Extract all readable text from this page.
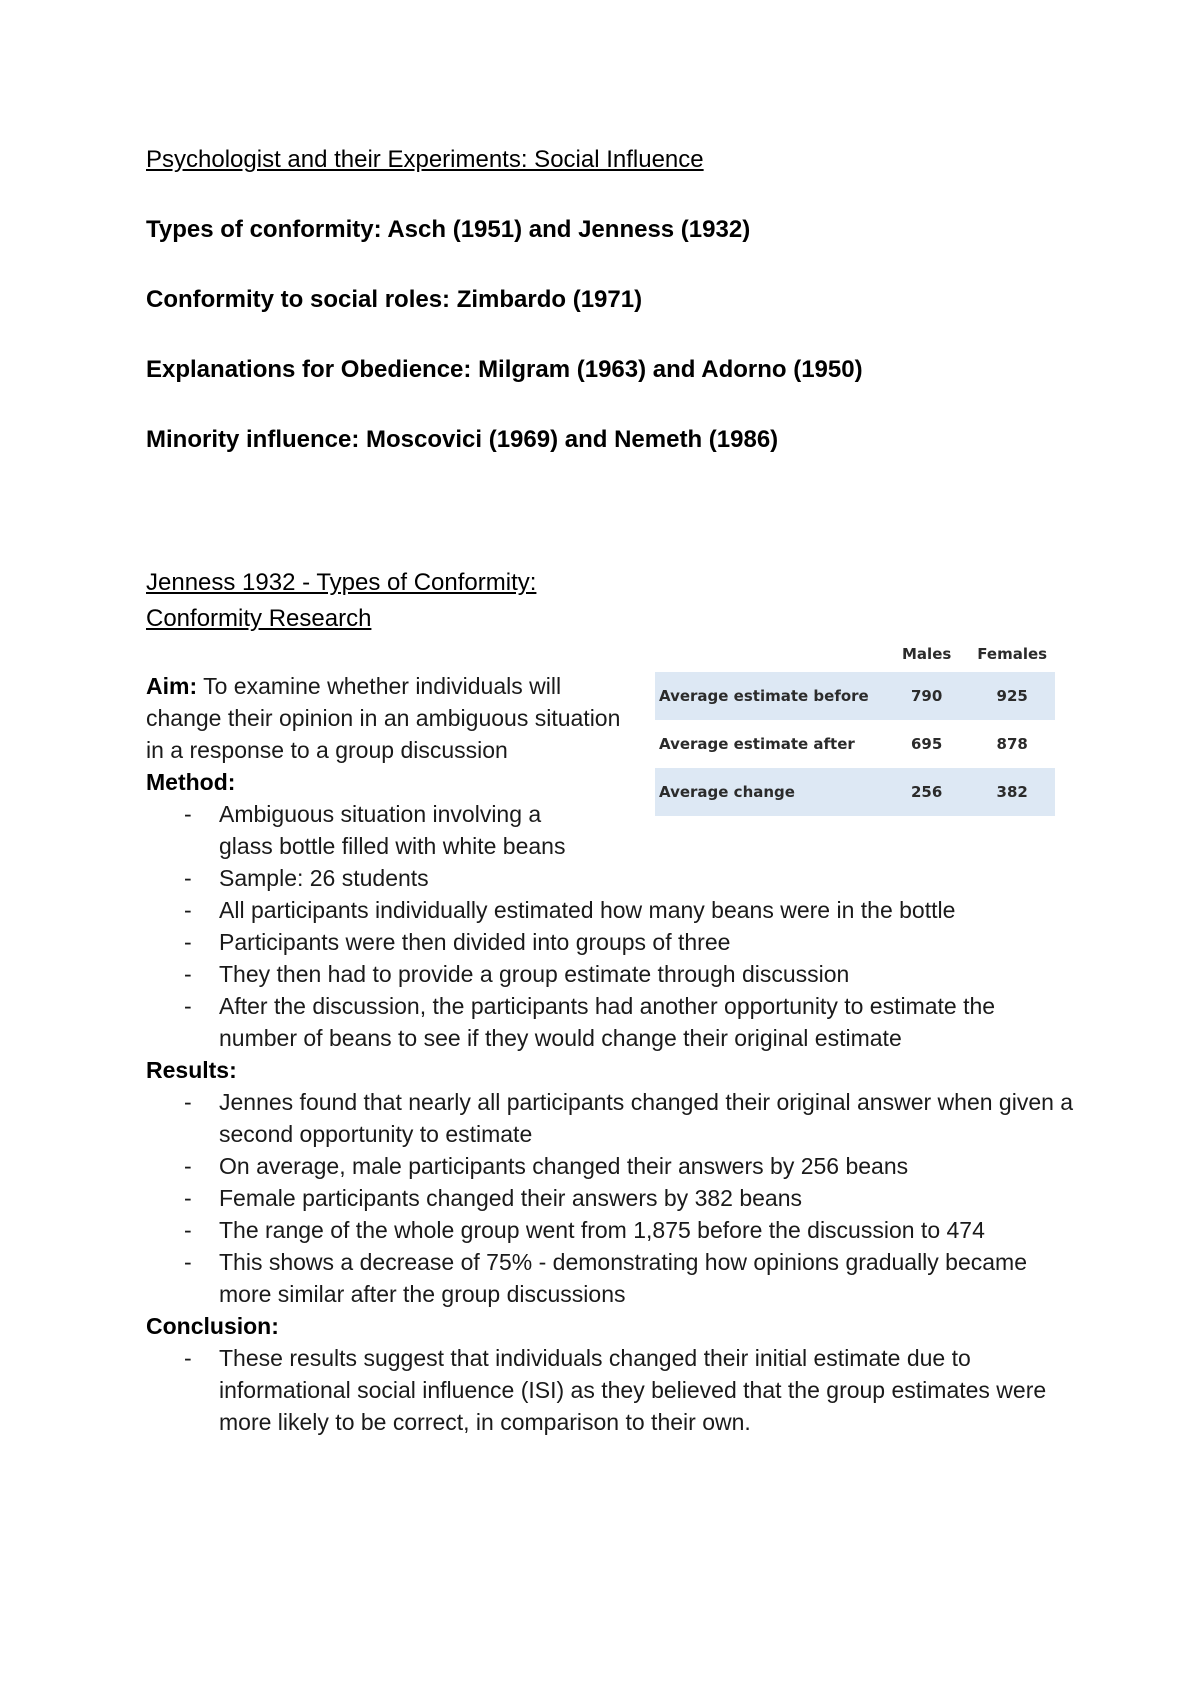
Psychologist and their Experiments: Social Influence
Types of conformity: Asch (1951) and Jenness (1932)
Conformity to social roles: Zimbardo (1971)
Explanations for Obedience: Milgram (1963) and Adorno (1950)
Minority influence: Moscovici (1969) and Nemeth (1986)
Jenness 1932 - Types of Conformity:
Conformity Research
	Males	Females
Average estimate before	790	925
Average estimate after	695	878
Average change	256	382
Aim: To examine whether individuals will change their opinion in an ambiguous situation in a response to a group discussion
Method:
- Ambiguous situation involving a glass bottle filled with white beans
- Sample: 26 students
- All participants individually estimated how many beans were in the bottle
- Participants were then divided into groups of three
- They then had to provide a group estimate through discussion
- After the discussion, the participants had another opportunity to estimate the number of beans to see if they would change their original estimate
Results:
- Jennes found that nearly all participants changed their original answer when given a second opportunity to estimate
- On average, male participants changed their answers by 256 beans
- Female participants changed their answers by 382 beans
- The range of the whole group went from 1,875 before the discussion to 474
- This shows a decrease of 75% - demonstrating how opinions gradually became more similar after the group discussions
Conclusion:
- These results suggest that individuals changed their initial estimate due to informational social influence (ISI) as they believed that the group estimates were more likely to be correct, in comparison to their own.
